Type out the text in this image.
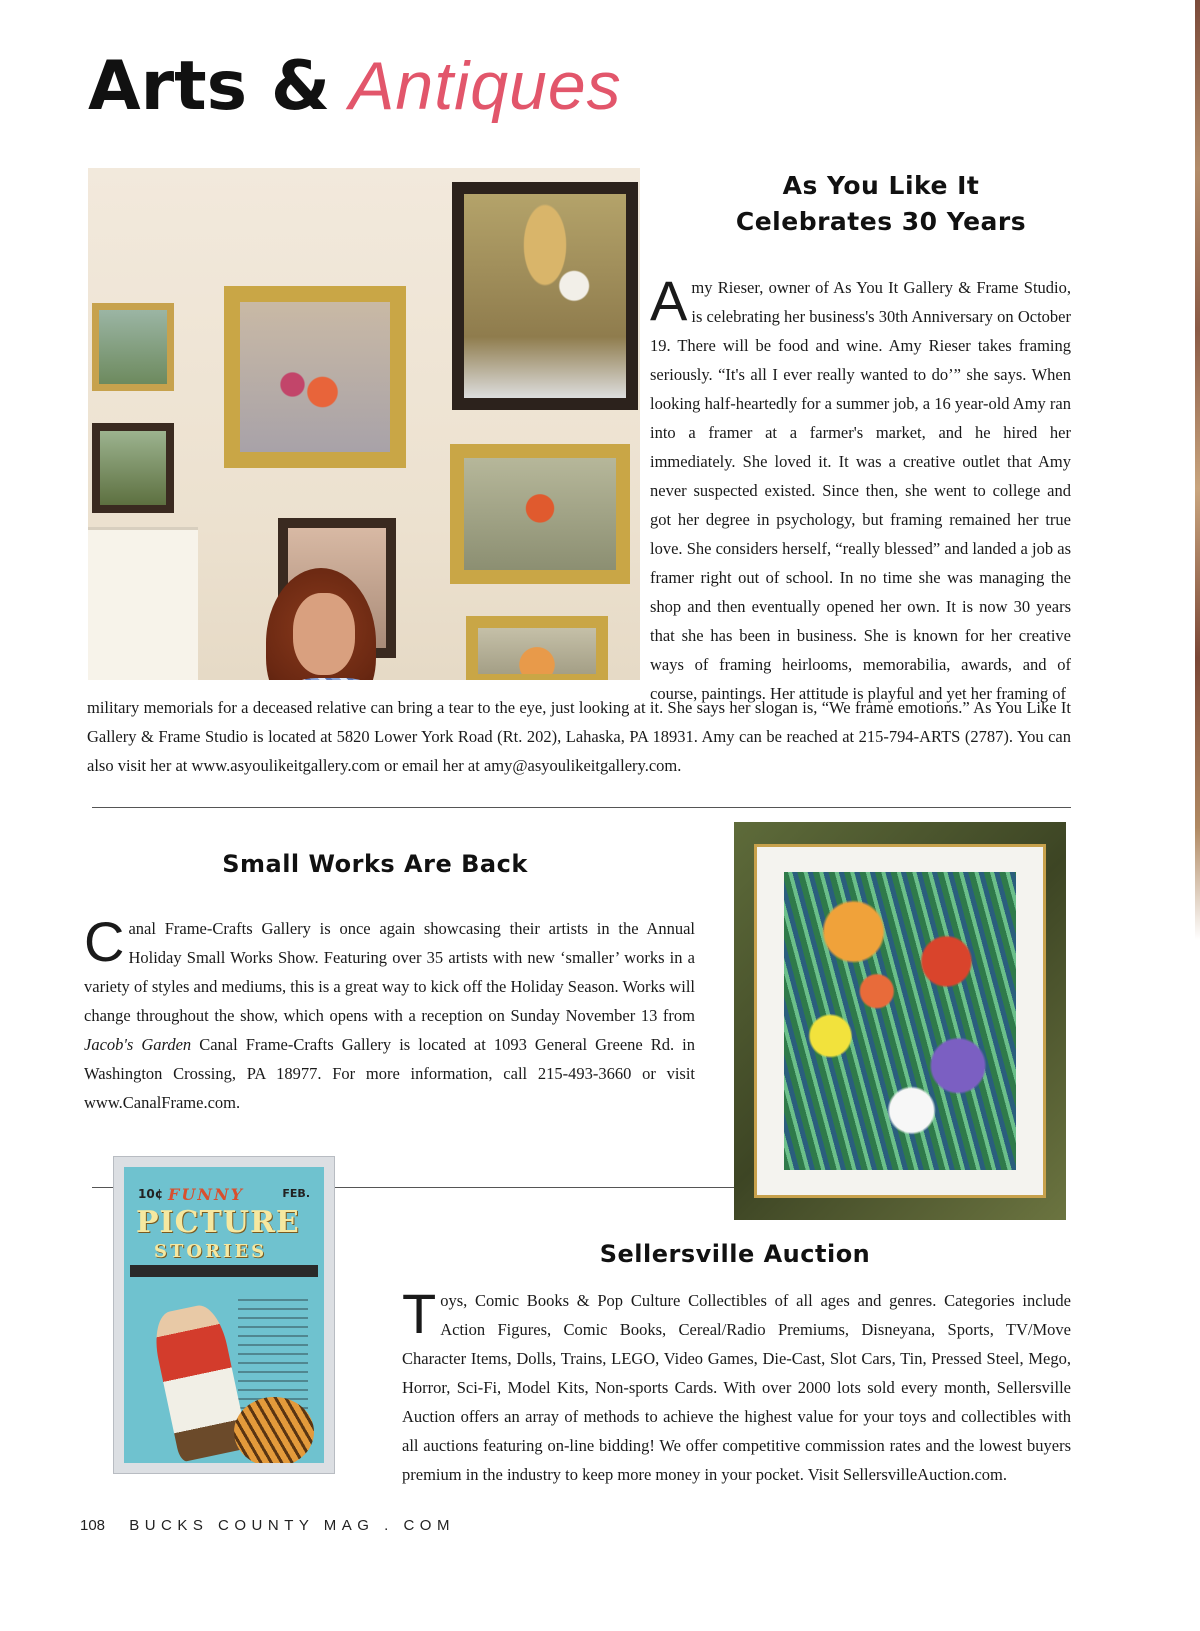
Arts & Antiques
As You Like It
Celebrates 30 Years
Amy Rieser, owner of As You It Gallery & Frame Studio, is celebrating her business's 30th Anniversary on October 19. There will be food and wine. Amy Rieser takes framing seriously. “It's all I ever really wanted to do’” she says. When looking half-heartedly for a summer job, a 16 year-old Amy ran into a framer at a farmer's market, and he hired her immediately. She loved it. It was a creative outlet that Amy never suspected existed. Since then, she went to college and got her degree in psychology, but framing remained her true love. She considers herself, “really blessed” and landed a job as framer right out of school. In no time she was managing the shop and then eventually opened her own. It is now 30 years that she has been in business. She is known for her creative ways of framing heirlooms, memorabilia, awards, and of course, paintings. Her attitude is playful and yet her framing of
military memorials for a deceased relative can bring a tear to the eye, just looking at it. She says her slogan is, “We frame emotions.” As You Like It Gallery & Frame Studio is located at 5820 Lower York Road (Rt. 202), Lahaska, PA 18931. Amy can be reached at 215-794-ARTS (2787). You can also visit her at www.asyoulikeitgallery.com or email her at amy@asyoulikeitgallery.com.
Small Works Are Back
Canal Frame-Crafts Gallery is once again showcasing their artists in the Annual Holiday Small Works Show. Featuring over 35 artists with new ‘smaller’ works in a variety of styles and mediums, this is a great way to kick off the Holiday Season. Works will change throughout the show, which opens with a reception on Sunday November 13 from Jacob's Garden Canal Frame-Crafts Gallery is located at 1093 General Greene Rd. in Washington Crossing, PA 18977. For more information, call 215-493-3660 or visit www.CanalFrame.com.
10¢ FUNNY	FEB.
PICTURE
STORIES	Sellersville Auction
Toys, Comic Books & Pop Culture Collectibles of all ages and genres. Categories include Action Figures, Comic Books, Cereal/Radio Premiums, Disneyana, Sports, TV/Move Character Items, Dolls, Trains, LEGO, Video Games, Die-Cast, Slot Cars, Tin, Pressed Steel, Mego, Horror, Sci-Fi, Model Kits, Non-sports Cards. With over 2000 lots sold every month, Sellersville Auction offers an array of methods to achieve the highest value for your toys and collectibles with all auctions featuring on-line bidding! We offer competitive commission rates and the lowest buyers premium in the industry to keep more money in your pocket. Visit SellersvilleAuction.com.
108 BUCKS COUNTY MAG . COM
